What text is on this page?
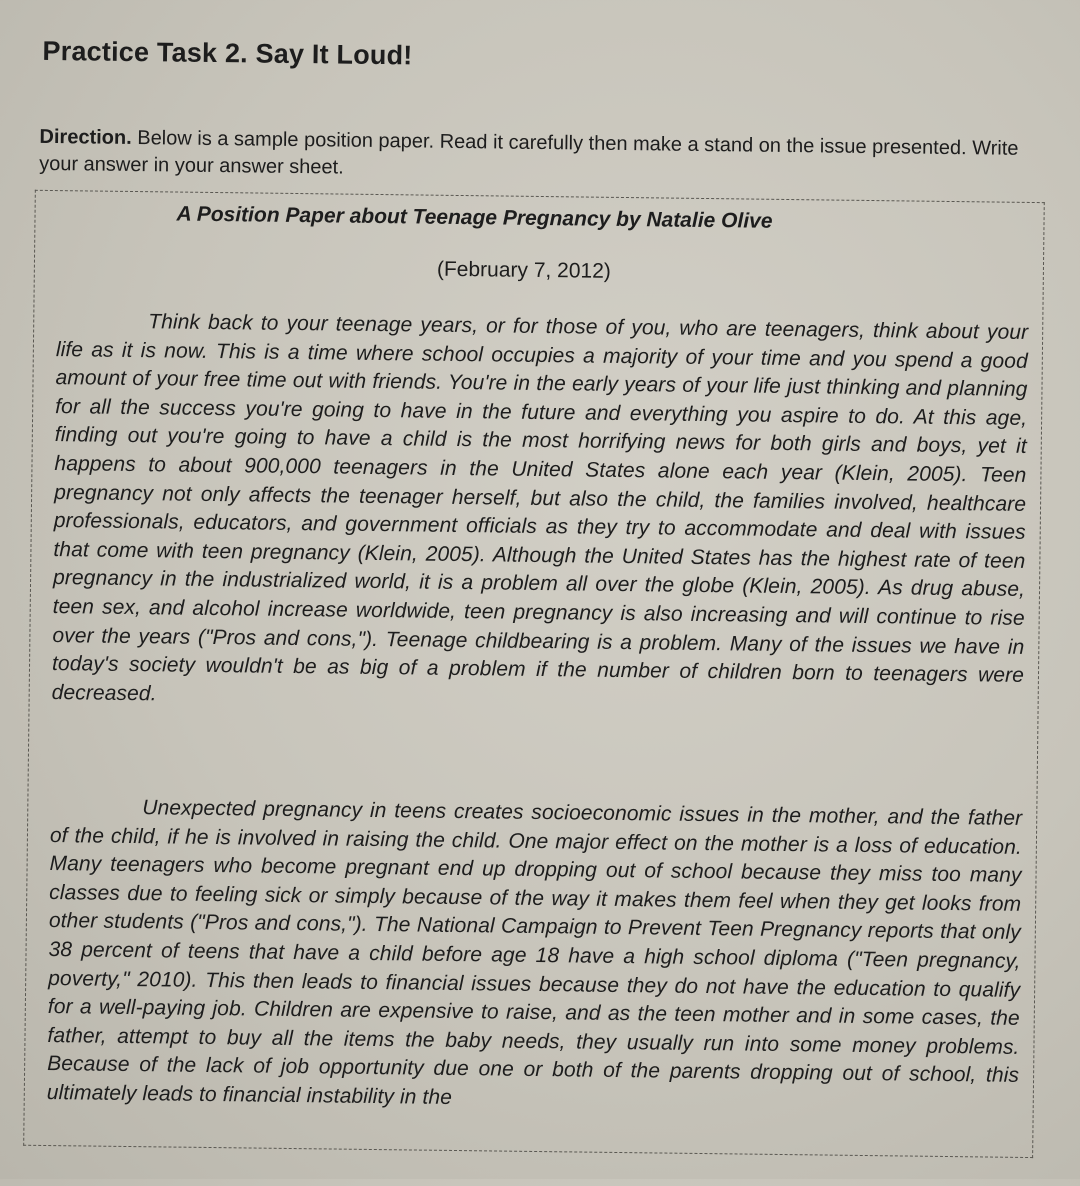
Practice Task 2. Say It Loud!

Direction. Below is a sample position paper. Read it carefully then make a stand on the issue presented. Write your answer in your answer sheet.

A Position Paper about Teenage Pregnancy by Natalie Olive

(February 7, 2012)

Think back to your teenage years, or for those of you, who are teenagers, think about your life as it is now. This is a time where school occupies a majority of your time and you spend a good amount of your free time out with friends. You're in the early years of your life just thinking and planning for all the success you're going to have in the future and everything you aspire to do. At this age, finding out you're going to have a child is the most horrifying news for both girls and boys, yet it happens to about 900,000 teenagers in the United States alone each year (Klein, 2005). Teen pregnancy not only affects the teenager herself, but also the child, the families involved, healthcare professionals, educators, and government officials as they try to accommodate and deal with issues that come with teen pregnancy (Klein, 2005). Although the United States has the highest rate of teen pregnancy in the industrialized world, it is a problem all over the globe (Klein, 2005). As drug abuse, teen sex, and alcohol increase worldwide, teen pregnancy is also increasing and will continue to rise over the years ("Pros and cons,"). Teenage childbearing is a problem. Many of the issues we have in today's society wouldn't be as big of a problem if the number of children born to teenagers were decreased.

Unexpected pregnancy in teens creates socioeconomic issues in the mother, and the father of the child, if he is involved in raising the child. One major effect on the mother is a loss of education. Many teenagers who become pregnant end up dropping out of school because they miss too many classes due to feeling sick or simply because of the way it makes them feel when they get looks from other students ("Pros and cons,"). The National Campaign to Prevent Teen Pregnancy reports that only 38 percent of teens that have a child before age 18 have a high school diploma ("Teen pregnancy, poverty," 2010). This then leads to financial issues because they do not have the education to qualify for a well-paying job. Children are expensive to raise, and as the teen mother and in some cases, the father, attempt to buy all the items the baby needs, they usually run into some money problems. Because of the lack of job opportunity due one or both of the parents dropping out of school, this ultimately leads to financial instability in the
